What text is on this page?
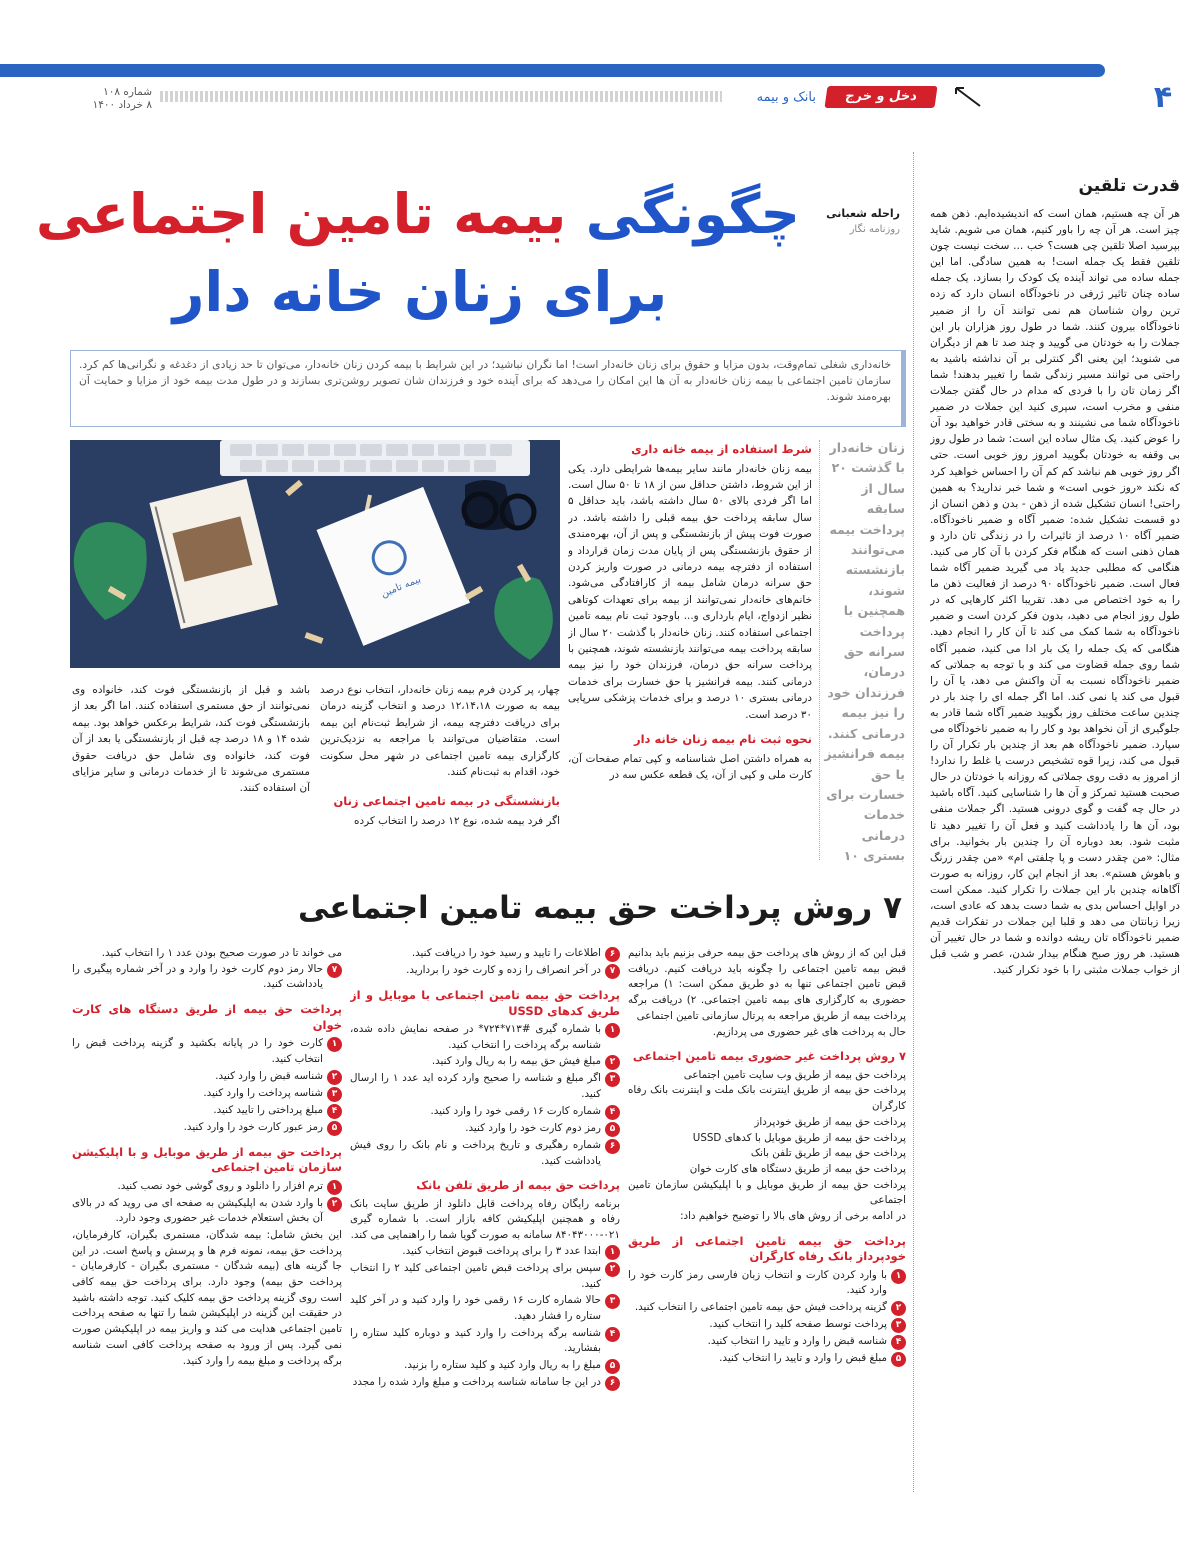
۴
دخل و خرج
بانک و بیمه
شماره ۱۰۸
۸ خرداد ۱۴۰۰
قدرت تلقین
هر آن چه هستیم، همان است که اندیشیده‌ایم. ذهن همه چیز است. هر آن چه را باور کنیم، همان می شویم. شاید بپرسید اصلا تلقین چی هست؟ خب ... سخت نیست چون تلقین فقط یک جمله است! به همین سادگی. اما این جمله ساده می تواند آینده یک کودک را بسازد. یک جمله ساده چنان تاثیر ژرفی در ناخودآگاه انسان دارد که زده ترین روان شناسان هم نمی توانند آن را از ضمیر ناخودآگاه بیرون کنند. شما در طول روز هزاران بار این جملات را به خودتان می گویید و چند صد تا هم از دیگران می شنوید؛ این یعنی اگر کنترلی بر آن نداشته باشید به راحتی می توانند مسیر زندگی شما را تغییر بدهند! شما اگر زمان تان را با فردی که مدام در حال گفتن جملات منفی و مخرب است، سپری کنید این جملات در ضمیر ناخودآگاه شما می نشینند و به سختی قادر خواهید بود آن را عوض کنید. یک مثال ساده این است: شما در طول روز بی وقفه به خودتان بگویید امروز روز خوبی است. حتی اگر روز خوبی هم نباشد کم کم آن را احساس خواهید کرد که نکند «روز خوبی است» و شما خبر ندارید؟ به همین راحتی! انسان تشکیل شده از ذهن - بدن و ذهن انسان از دو قسمت تشکیل شده: ضمیر آگاه و ضمیر ناخودآگاه. ضمیر آگاه ۱۰ درصد از تاثیرات را در زندگی تان دارد و همان ذهنی است که هنگام فکر کردن با آن کار می کنید. هنگامی که مطلبی جدید یاد می گیرید ضمیر آگاه شما فعال است. ضمیر ناخودآگاه ۹۰ درصد از فعالیت ذهن ما را به خود اختصاص می دهد. تقریبا اکثر کارهایی که در طول روز انجام می دهید، بدون فکر کردن است و ضمیر ناخودآگاه به شما کمک می کند تا آن کار را انجام دهید. هنگامی که یک جمله را یک بار ادا می کنید، ضمیر آگاه شما روی جمله قضاوت می کند و با توجه به جملاتی که ضمیر ناخودآگاه نسبت به آن واکنش می دهد، یا آن را قبول می کند یا نمی کند. اما اگر جمله ای را چند بار در چندین ساعت مختلف روز بگویید ضمیر آگاه شما قادر به جلوگیری از آن نخواهد بود و کار را به ضمیر ناخودآگاه می سپارد. ضمیر ناخودآگاه هم بعد از چندین بار تکرار آن را قبول می کند، زیرا قوه تشخیص درست یا غلط را ندارد! از امروز به دقت روی جملاتی که روزانه با خودتان در حال صحبت هستید تمرکز و آن ها را شناسایی کنید. آگاه باشید در حال چه گفت و گوی درونی هستید. اگر جملات منفی بود، آن ها را یادداشت کنید و فعل آن را تغییر دهید تا مثبت شود. بعد دوباره آن را چندین بار بخوانید. برای مثال: «من چقدر دست و پا چلفتی ام» «من چقدر زرنگ و باهوش هستم». بعد از انجام این کار، روزانه به صورت آگاهانه چندین بار این جملات را تکرار کنید. ممکن است در اوایل احساس بدی به شما دست بدهد که عادی است، زیرا زبانتان می دهد و قلبا این جملات در تفکرات قدیم ضمیر ناخودآگاه تان ریشه دوانده و شما در حال تغییر آن هستید. هر روز صبح هنگام بیدار شدن، عصر و شب قبل از خواب جملات مثبتی را با خود تکرار کنید.
راحله شعبانی
روزنامه نگار
چگونگی بیمه تامین اجتماعی
برای زنان خانه دار
خانه‌داری شغلی تمام‌وقت، بدون مزایا و حقوق برای زنان خانه‌دار است! اما نگران نباشید؛ در این شرایط با بیمه کردن زنان خانه‌دار، می‌توان تا حد زیادی از دغدغه و نگرانی‌ها کم کرد. سازمان تامین اجتماعی با بیمه زنان خانه‌دار به آن ها این امکان را می‌دهد که برای آینده خود و فرزندان شان تصویر روشن‌تری بسازند و در طول مدت بیمه خود از مزایا و حمایت آن بهره‌مند شوند.
بیمه تامین
زنان خانه‌دار با گذشت ۲۰ سال از سابقه پرداخت بیمه می‌توانند بازنشسته شوند، همچنین با پرداخت سرانه حق درمان، فرزندان خود را نیز بیمه درمانی کنند. بیمه فرانشیز یا حق خسارت برای خدمات درمانی بستری ۱۰
شرط استفاده از بیمه خانه داری

بیمه زنان خانه‌دار مانند سایر بیمه‌ها شرایطی دارد. یکی از این شروط، داشتن حداقل سن از ۱۸ تا ۵۰ سال است. اما اگر فردی بالای ۵۰ سال داشته باشد، باید حداقل ۵ سال سابقه پرداخت حق بیمه قبلی را داشته باشد. در صورت فوت پیش از بازنشستگی و پس از آن، بهره‌مندی از حقوق بازنشستگی پس از پایان مدت زمان قرارداد و استفاده از دفترچه بیمه درمانی در صورت واریز کردن حق سرانه درمان شامل بیمه از کارافتادگی می‌شود. خانم‌های خانه‌دار نمی‌توانند از بیمه برای تعهدات کوتاهی نظیر ازدواج، ایام بارداری و... باوجود ثبت نام بیمه تامین اجتماعی استفاده کنند. زنان خانه‌دار با گذشت ۲۰ سال از سابقه پرداخت بیمه می‌توانند بازنشسته شوند، همچنین با پرداخت سرانه حق درمان، فرزندان خود را نیز بیمه درمانی کنند. بیمه فرانشیز یا حق خسارت برای خدمات درمانی بستری ۱۰ درصد و برای خدمات پزشکی سرپایی ۳۰ درصد است.

نحوه ثبت نام بیمه زنان خانه دار

به همراه داشتن اصل شناسنامه و کپی تمام صفحات آن، کارت ملی و کپی از آن، یک قطعه عکس سه در

چهار، پر کردن فرم بیمه زنان خانه‌دار، انتخاب نوع درصد بیمه به صورت ۱۲،۱۴،۱۸ درصد و انتخاب گزینه درمان برای دریافت دفترچه بیمه، از شرایط ثبت‌نام این بیمه است. متقاضیان می‌توانند با مراجعه به نزدیک‌ترین کارگزاری بیمه تامین اجتماعی در شهر محل سکونت خود، اقدام به ثبت‌نام کنند.

بازنشستگی در بیمه تامین اجتماعی زنان

اگر فرد بیمه شده، نوع ۱۲ درصد را انتخاب کرده

باشد و قبل از بازنشستگی فوت کند، خانواده وی نمی‌توانند از حق مستمری استفاده کنند. اما اگر بعد از بازنشستگی فوت کند، شرایط برعکس خواهد بود. بیمه شده ۱۴ و ۱۸ درصد چه قبل از بازنشستگی یا بعد از آن فوت کند، خانواده وی شامل حق دریافت حقوق مستمری می‌شوند تا از خدمات درمانی و سایر مزایای آن استفاده کنند.

۷ روش پرداخت حق بیمه تامین اجتماعی

قبل این که از روش های پرداخت حق بیمه حرفی بزنیم باید بدانیم قبض بیمه تامین اجتماعی را چگونه باید دریافت کنیم. دریافت قبض تامین اجتماعی تنها به دو طریق ممکن است: ۱) مراجعه حضوری به کارگزاری های بیمه تامین اجتماعی. ۲) دریافت برگه پرداخت بیمه از طریق مراجعه به پرتال سازمانی تامین اجتماعی

حال به پرداخت های غیر حضوری می پردازیم.

۷ روش پرداخت غیر حضوری بیمه تامین اجتماعی

پرداخت حق بیمه از طریق وب سایت تامین اجتماعی

پرداخت حق بیمه از طریق اینترنت بانک ملت و اینترنت بانک رفاه کارگران

پرداخت حق بیمه از طریق خودپرداز

پرداخت حق بیمه از طریق موبایل با کدهای USSD

پرداخت حق بیمه از طریق تلفن بانک

پرداخت حق بیمه از طریق دستگاه های کارت خوان

پرداخت حق بیمه از طریق موبایل و با اپلیکیشن سازمان تامین اجتماعی

در ادامه برخی از روش های بالا را توضیح خواهیم داد:

پرداخت حق بیمه تامین اجتماعی از طریق خودپرداز بانک رفاه کارگران
۱
با وارد کردن کارت و انتخاب زبان فارسی رمز کارت خود را وارد کنید.
۲
گزینه پرداخت فیش حق بیمه تامین اجتماعی را انتخاب کنید.
۳
پرداخت توسط صفحه کلید را انتخاب کنید.
۴
شناسه قبض را وارد و تایید را انتخاب کنید.
۵
مبلغ قبض را وارد و تایید را انتخاب کنید.
۶
اطلاعات را تایید و رسید خود را دریافت کنید.
۷
در آخر انصراف را زده و کارت خود را بردارید.
پرداخت حق بیمه تامین اجتماعی با موبایل و از طریق کدهای USSD
۱
با شماره گیری #۷۱۳*۷۲۴* در صفحه نمایش داده شده، شناسه برگه پرداخت را انتخاب کنید.
۲
مبلغ فیش حق بیمه را به ریال وارد کنید.
۳
اگر مبلغ و شناسه را صحیح وارد کرده اید عدد ۱ را ارسال کنید.
۴
شماره کارت ۱۶ رقمی خود را وارد کنید.
۵
رمز دوم کارت خود را وارد کنید.
۶
شماره رهگیری و تاریخ پرداخت و نام بانک را روی فیش یادداشت کنید.
پرداخت حق بیمه از طریق تلفن بانک

برنامه رایگان رفاه پرداخت قابل دانلود از طریق سایت بانک رفاه و همچنین اپلیکیشن کافه بازار است. با شماره گیری ۰۲۱-۸۴۰۴۳۰۰۰ سامانه به صورت گویا شما را راهنمایی می کند.

۱
ابتدا عدد ۳ را برای پرداخت قبوض انتخاب کنید.
۲
سپس برای پرداخت قبض تامین اجتماعی کلید ۲ را انتخاب کنید.
۳
حالا شماره کارت ۱۶ رقمی خود را وارد کنید و در آخر کلید ستاره را فشار دهید.
۴
شناسه برگه پرداخت را وارد کنید و دوباره کلید ستاره را بفشارید.
۵
مبلغ را به ریال وارد کنید و کلید ستاره را بزنید.
۶
در این جا سامانه شناسه پرداخت و مبلغ وارد شده را مجدد

می خواند تا در صورت صحیح بودن عدد ۱ را انتخاب کنید.

۷
حالا رمز دوم کارت خود را وارد و در آخر شماره پیگیری را یادداشت کنید.
پرداخت حق بیمه از طریق دستگاه های کارت خوان
۱
کارت خود را در پایانه بکشید و گزینه پرداخت قبض را انتخاب کنید.
۲
شناسه قبض را وارد کنید.
۳
شناسه پرداخت را وارد کنید.
۴
مبلغ پرداختی را تایید کنید.
۵
رمز عبور کارت خود را وارد کنید.
پرداخت حق بیمه از طریق موبایل و با اپلیکیشن سازمان تامین اجتماعی
۱
ترم افزار را دانلود و روی گوشی خود نصب کنید.
۲
با وارد شدن به اپلیکیشن به صفحه ای می روید که در بالای آن بخش استعلام خدمات غیر حضوری وجود دارد.

این بخش شامل: بیمه شدگان، مستمری بگیران، کارفرمایان، پرداخت حق بیمه، نمونه فرم ها و پرسش و پاسخ است. در این جا گزینه های (بیمه شدگان - مستمری بگیران - کارفرمایان - پرداخت حق بیمه) وجود دارد. برای پرداخت حق بیمه کافی است روی گزینه پرداخت حق بیمه کلیک کنید. توجه داشته باشید در حقیقت این گزینه در اپلیکیشن شما را تنها به صفحه پرداخت تامین اجتماعی هدایت می کند و واریز بیمه در اپلیکیشن صورت نمی گیرد. پس از ورود به صفحه پرداخت کافی است شناسه برگه پرداخت و مبلغ بیمه را وارد کنید.
